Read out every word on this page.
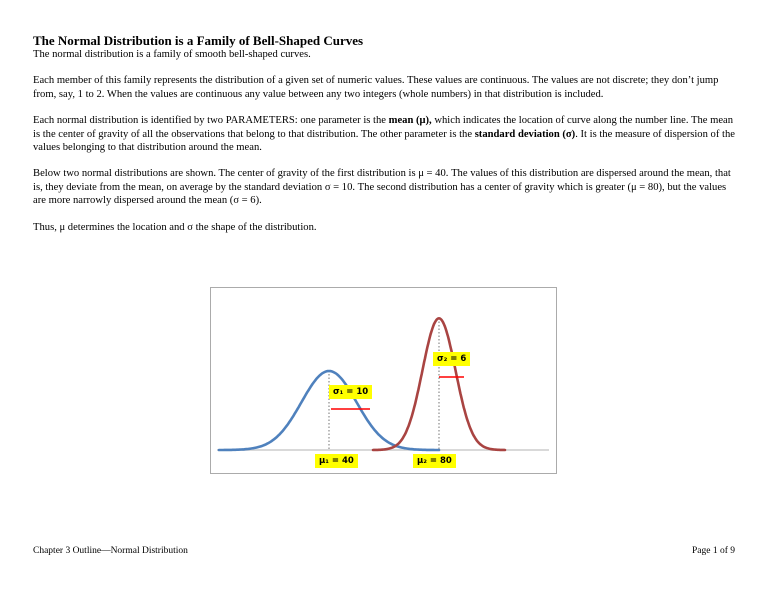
The Normal Distribution is a Family of Bell-Shaped Curves

The normal distribution is a family of smooth bell-shaped curves.

Each member of this family represents the distribution of a given set of numeric values. These values are continuous. The values are not discrete; they don’t jump from, say, 1 to 2. When the values are continuous any value between any two integers (whole numbers) in that distribution is included.

Each normal distribution is identified by two PARAMETERS: one parameter is the mean (μ), which indicates the location of curve along the number line. The mean is the center of gravity of all the observations that belong to that distribution. The other parameter is the standard deviation (σ). It is the measure of dispersion of the values belonging to that distribution around the mean.

Below two normal distributions are shown. The center of gravity of the first distribution is μ = 40. The values of this distribution are dispersed around the mean, that is, they deviate from the mean, on average by the standard deviation σ = 10. The second distribution has a center of gravity which is greater (μ = 80), but the values are more narrowly dispersed around the mean (σ = 6).

Thus, μ determines the location and σ the shape of the distribution.

σ₁ = 10
σ₂ = 6
μ₁ = 40	μ₂ = 80
Chapter 3 Outline—Normal Distribution	Page 1 of 9
